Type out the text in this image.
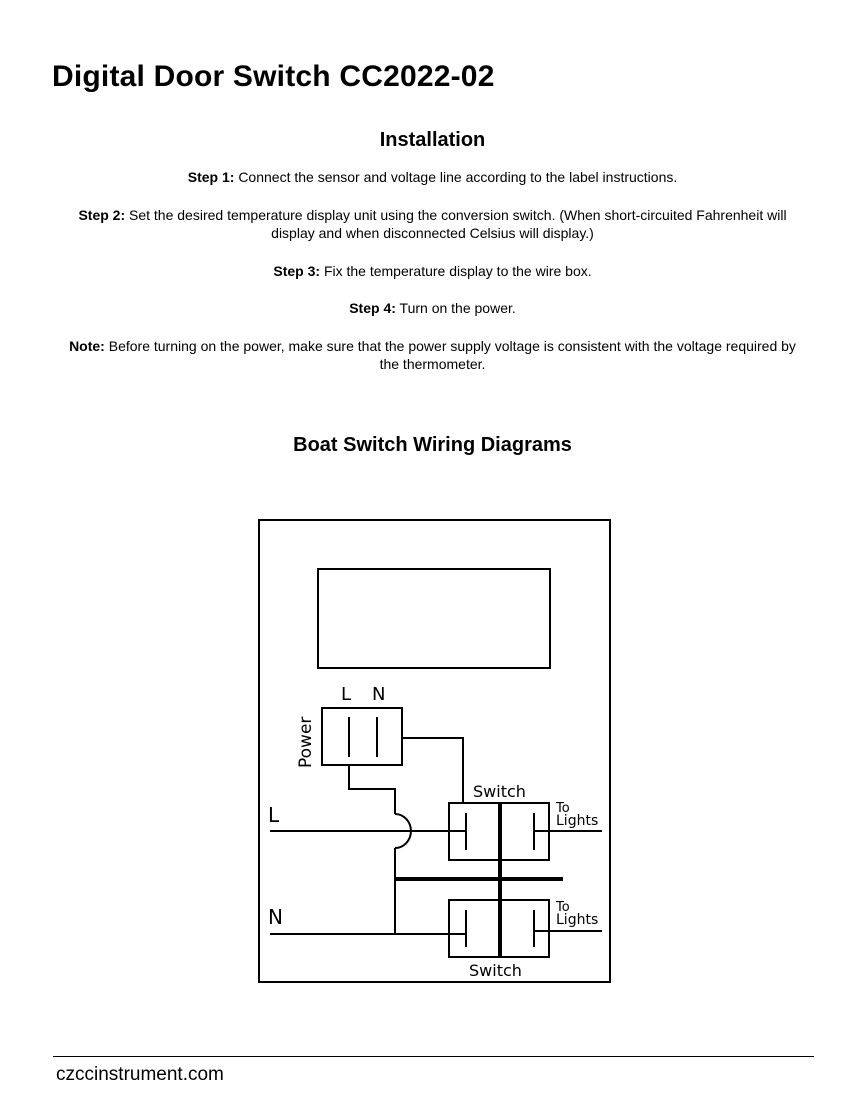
Digital Door Switch CC2022-02
Installation

Step 1: Connect the sensor and voltage line according to the label instructions.

Step 2: Set the desired temperature display unit using the conversion switch. (When short-circuited Fahrenheit will display and when disconnected Celsius will display.)

Step 3: Fix the temperature display to the wire box.

Step 4: Turn on the power.

Note: Before turning on the power, make sure that the power supply voltage is consistent with the voltage required by the thermometer.

Boat Switch Wiring Diagrams
L N
Power
Switch
Switch
L
N
To
Lights
To
Lights

czccinstrument.com
